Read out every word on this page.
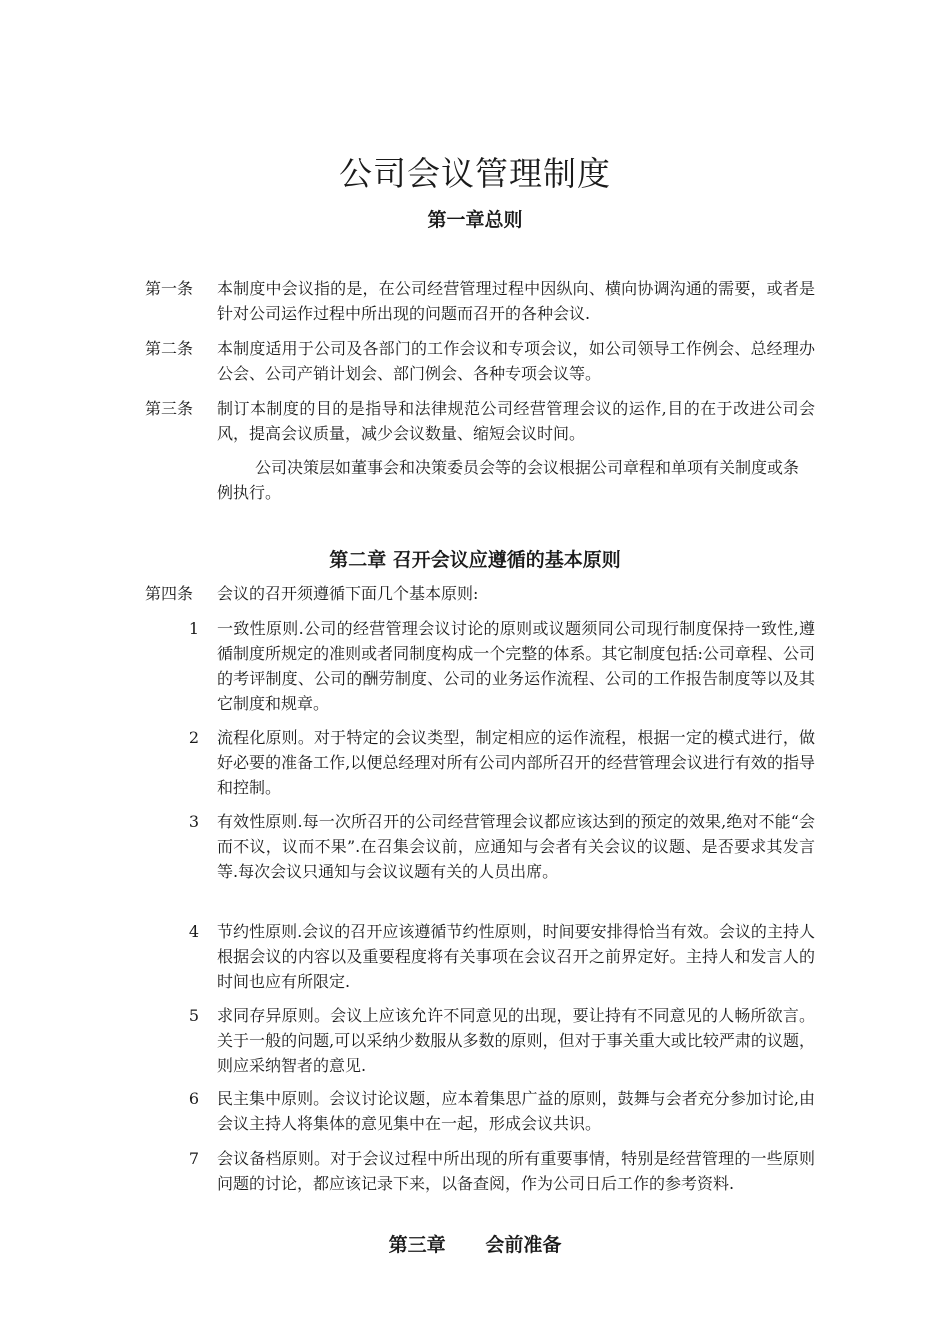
公司会议管理制度
第一章总则
第一条	本制度中会议指的是，在公司经营管理过程中因纵向、横向协调沟通的需要，或者是针对公司运作过程中所出现的问题而召开的各种会议.
第二条	本制度适用于公司及各部门的工作会议和专项会议，如公司领导工作例会、总经理办公会、公司产销计划会、部门例会、各种专项会议等。
第三条	制订本制度的目的是指导和法律规范公司经营管理会议的运作,目的在于改进公司会风，提高会议质量，减少会议数量、缩短会议时间。
公司决策层如董事会和决策委员会等的会议根据公司章程和单项有关制度或条例执行。
第二章 召开会议应遵循的基本原则
第四条	会议的召开须遵循下面几个基本原则:
1 一致性原则.公司的经营管理会议讨论的原则或议题须同公司现行制度保持一致性,遵循制度所规定的准则或者同制度构成一个完整的体系。其它制度包括:公司章程、公司的考评制度、公司的酬劳制度、公司的业务运作流程、公司的工作报告制度等以及其它制度和规章。
2 流程化原则。对于特定的会议类型，制定相应的运作流程，根据一定的模式进行，做好必要的准备工作,以便总经理对所有公司内部所召开的经营管理会议进行有效的指导和控制。
3 有效性原则.每一次所召开的公司经营管理会议都应该达到的预定的效果,绝对不能“会而不议，议而不果”.在召集会议前，应通知与会者有关会议的议题、是否要求其发言等.每次会议只通知与会议议题有关的人员出席。
4 节约性原则.会议的召开应该遵循节约性原则，时间要安排得恰当有效。会议的主持人根据会议的内容以及重要程度将有关事项在会议召开之前界定好。主持人和发言人的时间也应有所限定.
5 求同存异原则。会议上应该允许不同意见的出现，要让持有不同意见的人畅所欲言。关于一般的问题,可以采纳少数服从多数的原则，但对于事关重大或比较严肃的议题，则应采纳智者的意见.
6 民主集中原则。会议讨论议题，应本着集思广益的原则，鼓舞与会者充分参加讨论,由会议主持人将集体的意见集中在一起，形成会议共识。
7 会议备档原则。对于会议过程中所出现的所有重要事情，特别是经营管理的一些原则问题的讨论，都应该记录下来，以备查阅，作为公司日后工作的参考资料.
第三章      会前准备
